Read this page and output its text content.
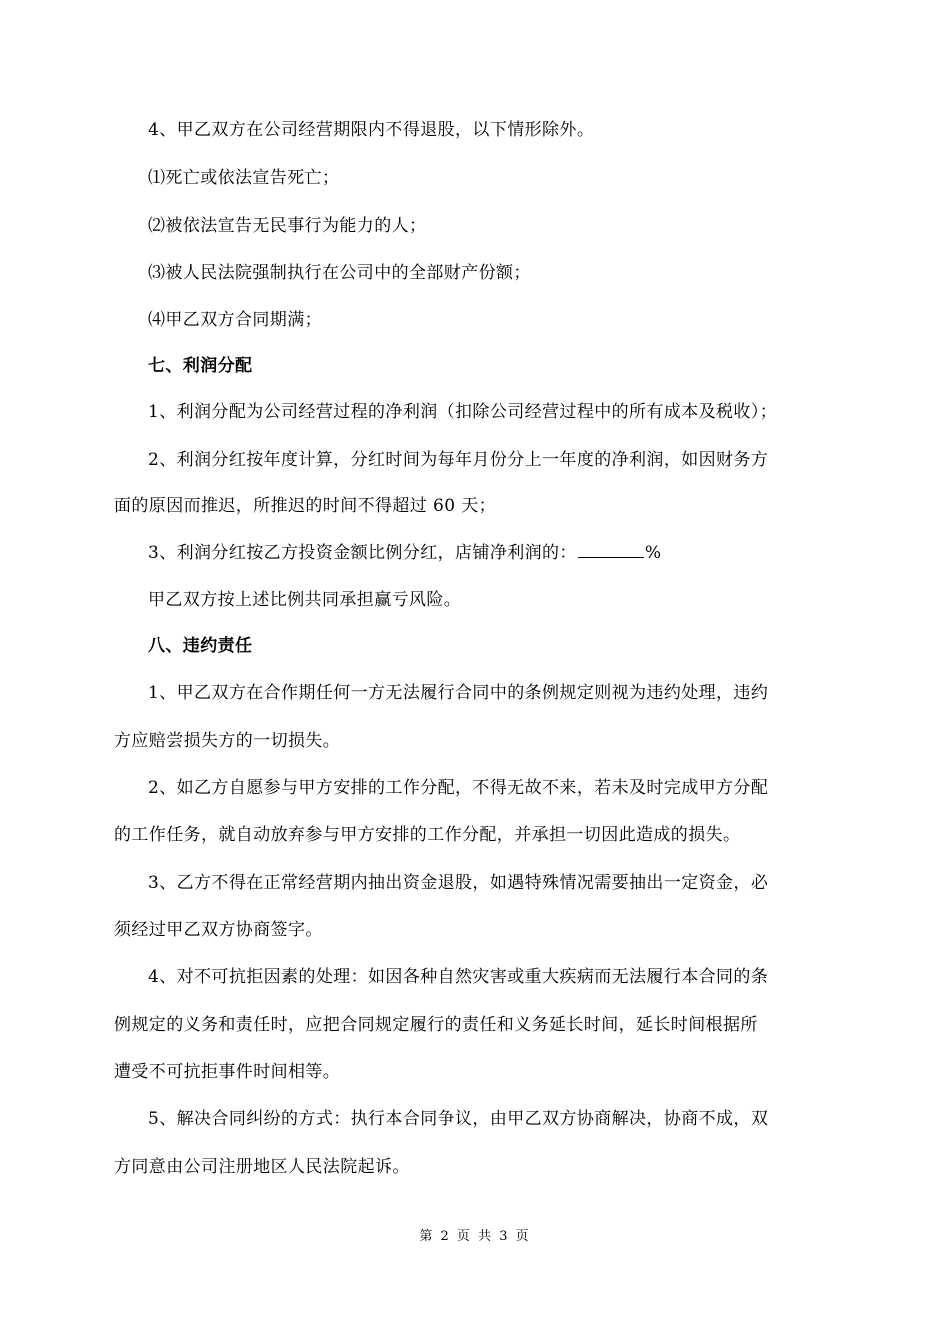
4、甲乙双方在公司经营期限内不得退股，以下情形除外。
⑴死亡或依法宣告死亡；
⑵被依法宣告无民事行为能力的人；
⑶被人民法院强制执行在公司中的全部财产份额；
⑷甲乙双方合同期满；
七、利润分配
1、利润分配为公司经营过程的净利润（扣除公司经营过程中的所有成本及税收）；
2、利润分红按年度计算，分红时间为每年月份分上一年度的净利润，如因财务方
面的原因而推迟，所推迟的时间不得超过 60 天；
3、利润分红按乙方投资金额比例分红，店铺净利润的：	%
甲乙双方按上述比例共同承担赢亏风险。
八、违约责任
1、甲乙双方在合作期任何一方无法履行合同中的条例规定则视为违约处理，违约
方应赔尝损失方的一切损失。
2、如乙方自愿参与甲方安排的工作分配，不得无故不来，若未及时完成甲方分配
的工作任务，就自动放弃参与甲方安排的工作分配，并承担一切因此造成的损失。
3、乙方不得在正常经营期内抽出资金退股，如遇特殊情况需要抽出一定资金，必
须经过甲乙双方协商签字。
4、对不可抗拒因素的处理：如因各种自然灾害或重大疾病而无法履行本合同的条
例规定的义务和责任时，应把合同规定履行的责任和义务延长时间，延长时间根据所
遭受不可抗拒事件时间相等。
5、解决合同纠纷的方式：执行本合同争议，由甲乙双方协商解决，协商不成，双
方同意由公司注册地区人民法院起诉。
第 2 页 共 3 页
